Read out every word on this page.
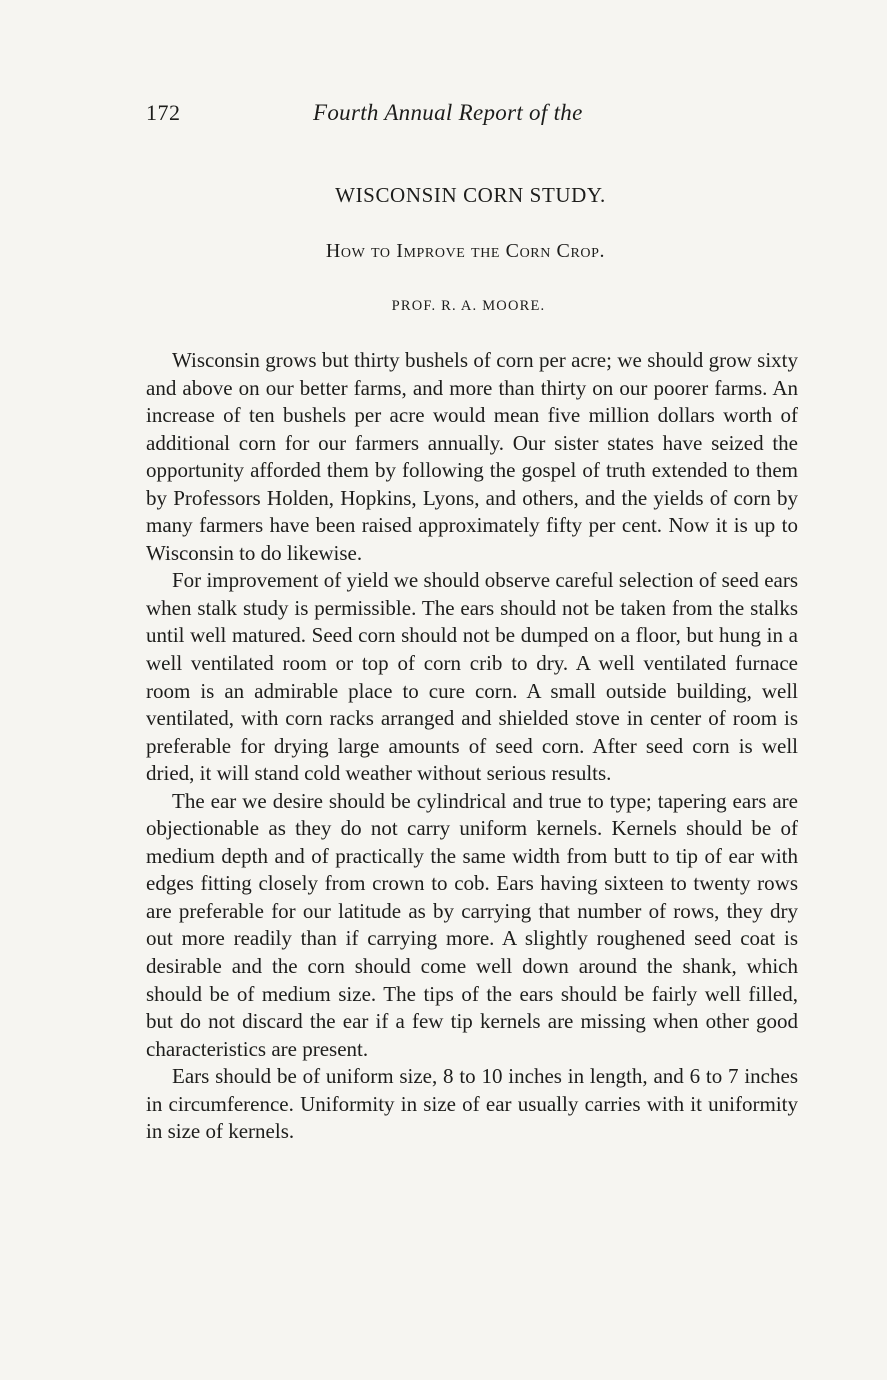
172	Fourth Annual Report of the
WISCONSIN CORN STUDY.
How to Improve the Corn Crop.
PROF. R. A. MOORE.

Wisconsin grows but thirty bushels of corn per acre; we should grow sixty and above on our better farms, and more than thirty on our poorer farms. An increase of ten bushels per acre would mean five million dollars worth of additional corn for our farmers annually. Our sister states have seized the opportunity afforded them by following the gospel of truth extended to them by Professors Holden, Hopkins, Lyons, and others, and the yields of corn by many farmers have been raised approximately fifty per cent. Now it is up to Wisconsin to do likewise.

For improvement of yield we should observe careful selection of seed ears when stalk study is permissible. The ears should not be taken from the stalks until well matured. Seed corn should not be dumped on a floor, but hung in a well ventilated room or top of corn crib to dry. A well ventilated furnace room is an admirable place to cure corn. A small outside building, well ventilated, with corn racks arranged and shielded stove in center of room is preferable for drying large amounts of seed corn. After seed corn is well dried, it will stand cold weather without serious results.

The ear we desire should be cylindrical and true to type; tapering ears are objectionable as they do not carry uniform kernels. Kernels should be of medium depth and of practically the same width from butt to tip of ear with edges fitting closely from crown to cob. Ears having sixteen to twenty rows are preferable for our latitude as by carrying that number of rows, they dry out more readily than if carrying more. A slightly roughened seed coat is desirable and the corn should come well down around the shank, which should be of medium size. The tips of the ears should be fairly well filled, but do not discard the ear if a few tip kernels are missing when other good characteristics are present.

Ears should be of uniform size, 8 to 10 inches in length, and 6 to 7 inches in circumference. Uniformity in size of ear usually carries with it uniformity in size of kernels.
